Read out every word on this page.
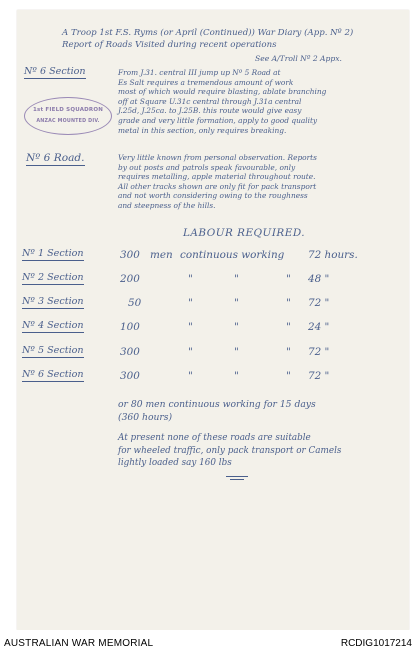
A Troop 1st F.S. Ryms (or April (Continued)) War Diary (App. Nº 2)
Report of Roads Visited during recent operations
See A/Troll Nº 2 Appx.
Nº 6 Section
1st FIELD SQUADRON
ANZAC MOUNTED DIV.
From J.31. central III jump up Nº 5 Road at
Es Salt requires a tremendous amount of work
most of which would require blasting, ablate branching
off at Square U.31c central through J.31a central
J.25d, J.25ca. to J.25B. this route would give easy
grade and very little formation, apply to good quality
metal in this section, only requires breaking.
Nº 6 Road.	Very little known from personal observation. Reports
by out posts and patrols speak favourable, only
requires metalling, apple material throughout route.
All other tracks shown are only fit for pack transport
and not worth considering owing to the roughness
and steepness of the hills.
LABOUR REQUIRED.
Nº 1 Section	300 men continuous working 72 hours.
Nº 2 Section	200	"	"	" 48 "
Nº 3 Section	50	"	"	" 72 "
Nº 4 Section	100	"	"	" 24 "
Nº 5 Section	300	"	"	" 72 "
Nº 6 Section	300	"	"	" 72 "
or 80 men continuous working for 15 days
(360 hours)
At present none of these roads are suitable
for wheeled traffic, only pack transport or Camels
lightly loaded say 160 lbs
AUSTRALIAN WAR MEMORIAL	RCDIG1017214
